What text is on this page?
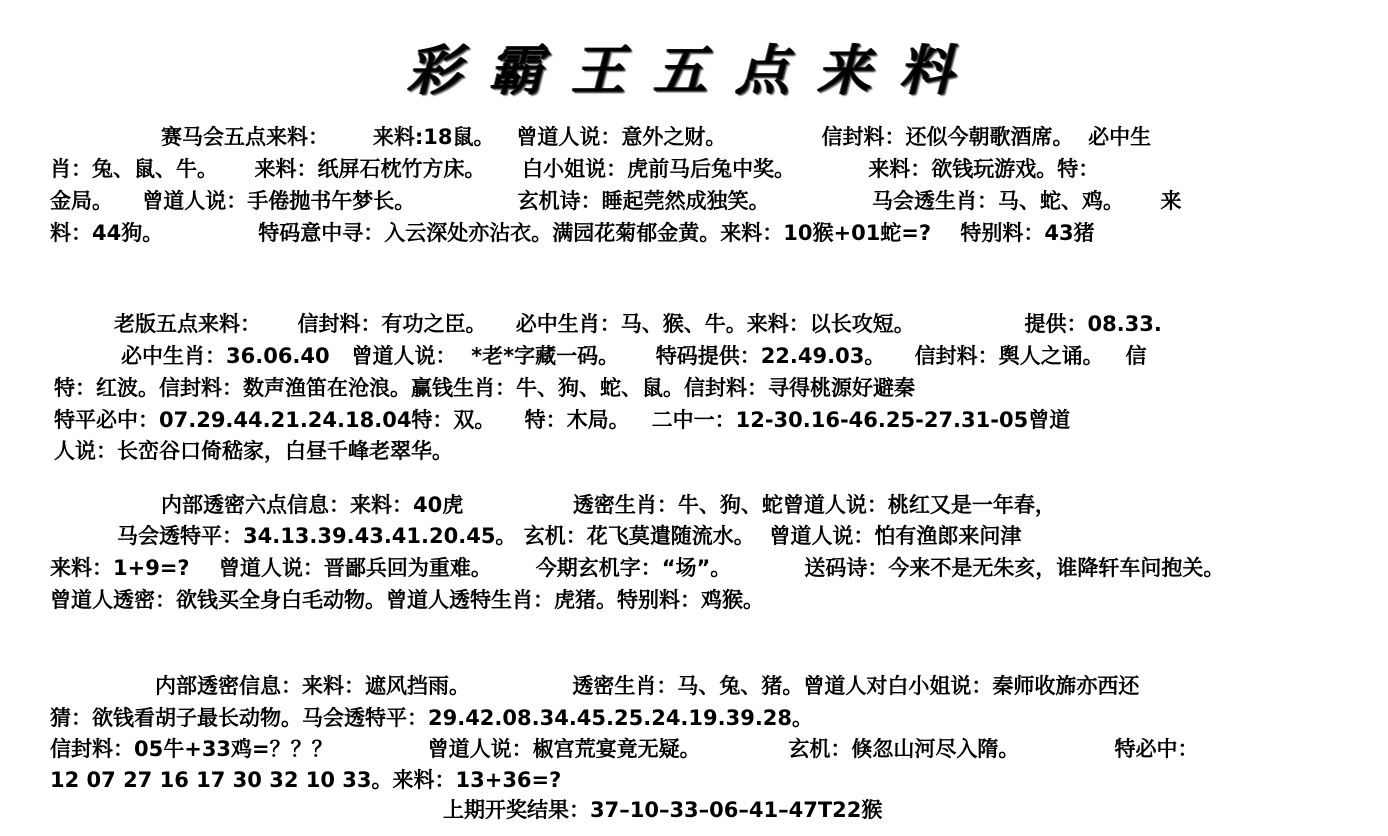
彩霸王五点来料
赛马会五点来料：      来料:18鼠。   曾道人说：意外之财。             信封料：还似今朝歌酒席。  必中生
肖：兔、鼠、牛。     来料：纸屏石枕竹方床。     白小姐说：虎前马后兔中奖。          来料：欲钱玩游戏。特：
金局。    曾道人说：手倦抛书午梦长。              玄机诗：睡起莞然成独笑。              马会透生肖：马、蛇、鸡。     来
料：44狗。             特码意中寻：入云深处亦沾衣。满园花菊郁金黄。来料：10猴+01蛇=?    特别料：43猪
老版五点来料：     信封料：有功之臣。    必中生肖：马、猴、牛。来料：以长攻短。               提供：08.33.
必中生肖：36.06.40   曾道人说：  *老*字藏一码。     特码提供：22.49.03。    信封料：舆人之诵。   信
特：红波。信封料：数声渔笛在沧浪。赢钱生肖：牛、狗、蛇、鼠。信封料：寻得桃源好避秦
特平必中：07.29.44.21.24.18.04特：双。    特：木局。   二中一：12-30.16-46.25-27.31-05曾道
人说：长峦谷口倚嵇家，白昼千峰老翠华。
内部透密六点信息：来料：40虎               透密生肖：牛、狗、蛇曾道人说：桃红又是一年春，
马会透特平：34.13.39.43.41.20.45。 玄机：花飞莫遣随流水。  曾道人说：怕有渔郎来问津
来料：1+9=?    曾道人说：晋鄙兵回为重难。      今期玄机字：“场”。          送码诗：今来不是无朱亥，谁降轩车问抱关。
曾道人透密：欲钱买全身白毛动物。曾道人透特生肖：虎猪。特别料：鸡猴。
内部透密信息：来料：遮风挡雨。              透密生肖：马、兔、猪。曾道人对白小姐说：秦师收旆亦西还
猜：欲钱看胡子最长动物。马会透特平：29.42.08.34.45.25.24.19.39.28。
信封料：05牛+33鸡=？？？             曾道人说：椒宫荒宴竟无疑。            玄机：倏忽山河尽入隋。             特必中：
12 07 27 16 17 30 32 10 33。来料：13+36=?
上期开奖结果：37–10–33–06–41–47T22猴
